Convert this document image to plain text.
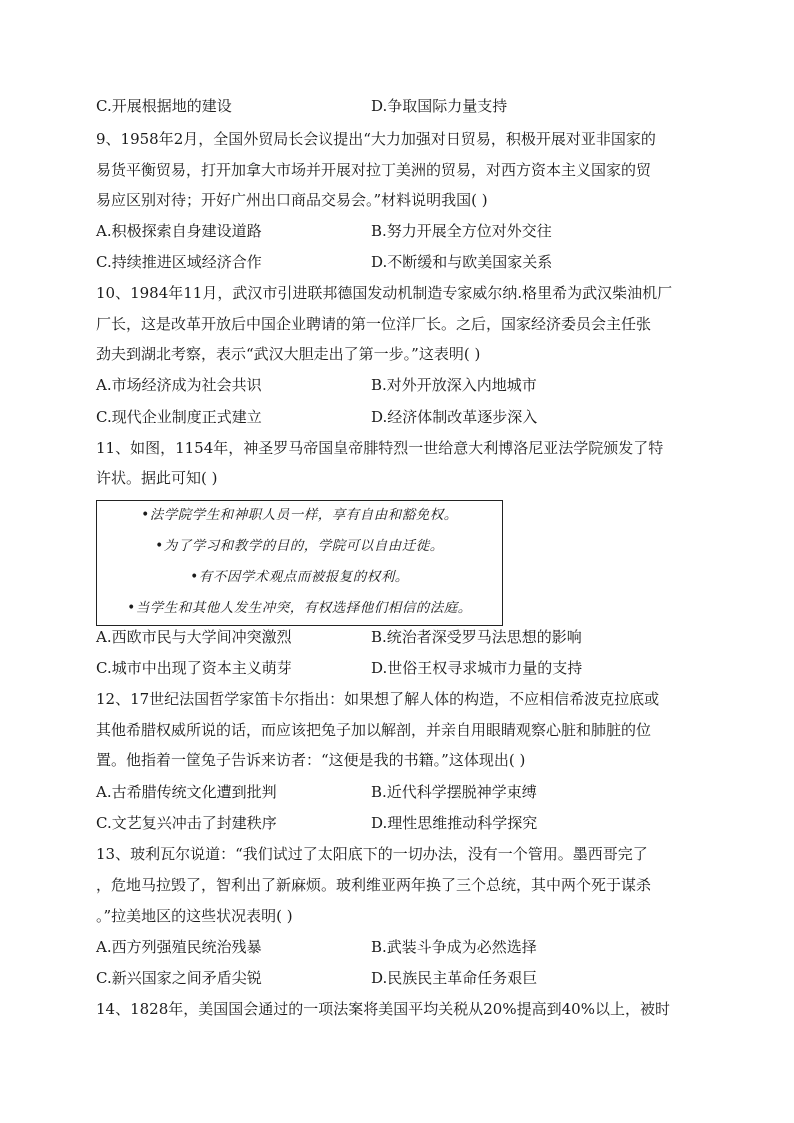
C.开展根据地的建设	D.争取国际力量支持
9、1958年2月，全国外贸局长会议提出“大力加强对日贸易，积极开展对亚非国家的
易货平衡贸易，打开加拿大市场并开展对拉丁美洲的贸易，对西方资本主义国家的贸
易应区别对待；开好广州出口商品交易会。”材料说明我国( )
A.积极探索自身建设道路	B.努力开展全方位对外交往
C.持续推进区域经济合作	D.不断缓和与欧美国家关系
10、1984年11月，武汉市引进联邦德国发动机制造专家威尔纳.格里希为武汉柴油机厂
厂长，这是改革开放后中国企业聘请的第一位洋厂长。之后，国家经济委员会主任张
劲夫到湖北考察，表示“武汉大胆走出了第一步。”这表明( )
A.市场经济成为社会共识	B.对外开放深入内地城市
C.现代企业制度正式建立	D.经济体制改革逐步深入
11、如图，1154年，神圣罗马帝国皇帝腓特烈一世给意大利博洛尼亚法学院颁发了特
许状。据此可知( )
•法学院学生和神职人员一样，享有自由和豁免权。
•为了学习和教学的目的，学院可以自由迁徙。
•有不因学术观点而被报复的权利。
•当学生和其他人发生冲突，有权选择他们相信的法庭。
A.西欧市民与大学间冲突激烈	B.统治者深受罗马法思想的影响
C.城市中出现了资本主义萌芽	D.世俗王权寻求城市力量的支持
12、17世纪法国哲学家笛卡尔指出：如果想了解人体的构造，不应相信希波克拉底或
其他希腊权威所说的话，而应该把兔子加以解剖，并亲自用眼睛观察心脏和肺脏的位
置。他指着一筐兔子告诉来访者：“这便是我的书籍。”这体现出( )
A.古希腊传统文化遭到批判	B.近代科学摆脱神学束缚
C.文艺复兴冲击了封建秩序	D.理性思维推动科学探究
13、玻利瓦尔说道：“我们试过了太阳底下的一切办法，没有一个管用。墨西哥完了
，危地马拉毁了，智利出了新麻烦。玻利维亚两年换了三个总统，其中两个死于谋杀
。”拉美地区的这些状况表明( )
A.西方列强殖民统治残暴	B.武装斗争成为必然选择
C.新兴国家之间矛盾尖锐	D.民族民主革命任务艰巨
14、1828年，美国国会通过的一项法案将美国平均关税从20%提高到40%以上，被时
